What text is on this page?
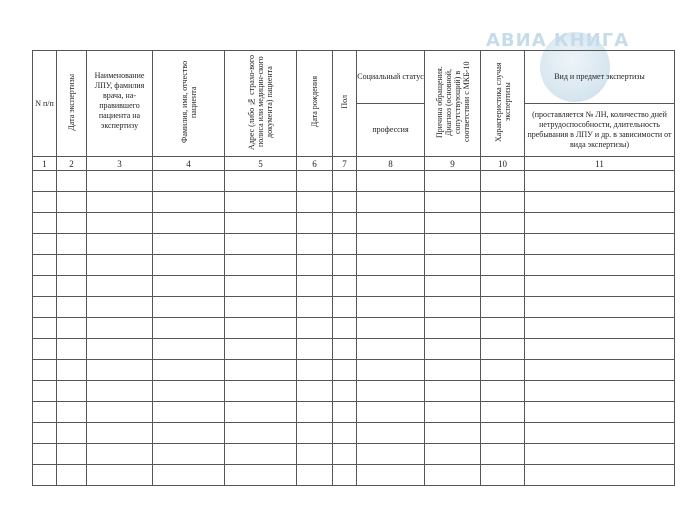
АВИА КНИГА
N п/п	Дата экспертизы	Наименование ЛПУ, фамилия врача, на-правившего пациента на экспертизу	Фамилия, имя, отчество пациента	Адрес (либо № страхо-вого полиса или медицин-ского документа) пациента	Дата рождения	Пол	Социальный статус	Причина обращения. Диагноз (основной, сопутствующий) в соответствии с МКБ-10	Характеристика случая экспертизы	Вид и предмет экспертизы
							профессия			(проставляется № ЛН, количество дней нетрудоспособности, длительность пребывания в ЛПУ и др. в зависимости от вида экспертизы)
1	2	3	4	5	6	7	8	9	10	11
